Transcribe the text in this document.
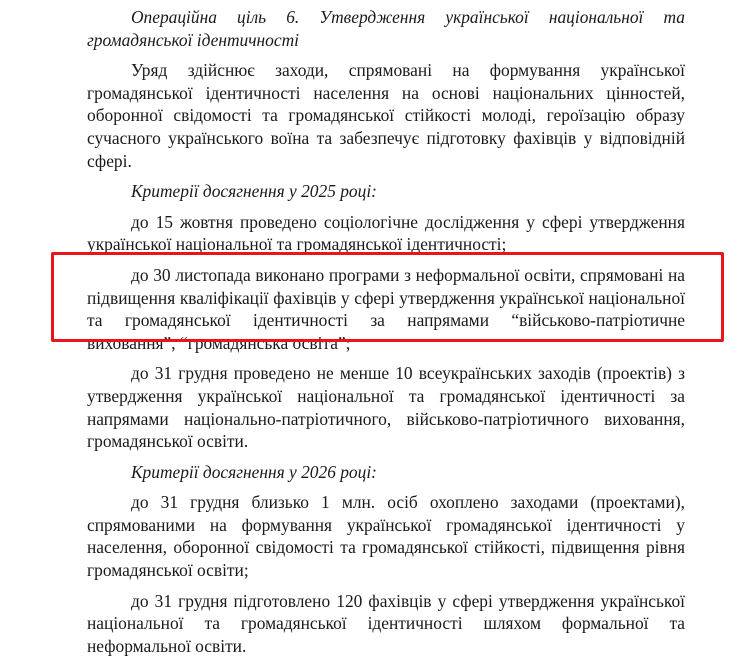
Операційна ціль 6. Утвердження української національної та громадянської ідентичності

Уряд здійснює заходи, спрямовані на формування української громадянської ідентичності населення на основі національних цінностей, оборонної свідомості та громадянської стійкості молоді, героїзацію образу сучасного українського воїна та забезпечує підготовку фахівців у відповідній сфері.

Критерії досягнення у 2025 році:

до 15 жовтня проведено соціологічне дослідження у сфері утвердження української національної та громадянської ідентичності;

до 30 листопада виконано програми з неформальної освіти, спрямовані на підвищення кваліфікації фахівців у сфері утвердження української національної та громадянської ідентичності за напрямами “військово-патріотичне виховання”, “громадянська освіта”;

до 31 грудня проведено не менше 10 всеукраїнських заходів (проектів) з утвердження української національної та громадянської ідентичності за напрямами національно-патріотичного, військово-патріотичного виховання, громадянської освіти.

Критерії досягнення у 2026 році:

до 31 грудня близько 1 млн. осіб охоплено заходами (проектами), спрямованими на формування української громадянської ідентичності у населення, оборонної свідомості та громадянської стійкості, підвищення рівня громадянської освіти;

до 31 грудня підготовлено 120 фахівців у сфері утвердження української національної та громадянської ідентичності шляхом формальної та неформальної освіти.
